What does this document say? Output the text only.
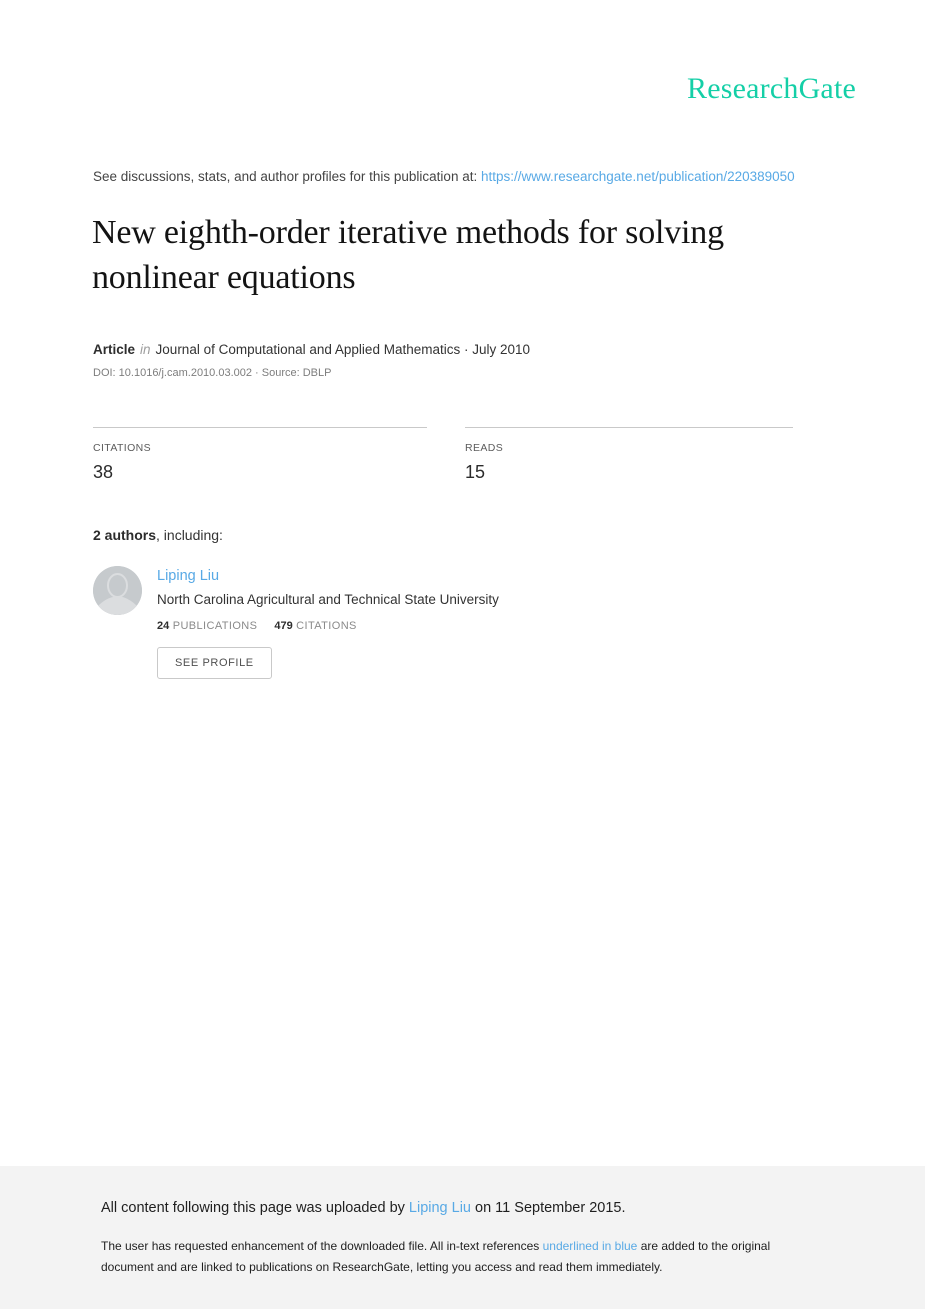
ResearchGate
See discussions, stats, and author profiles for this publication at: https://www.researchgate.net/publication/220389050
New eighth-order iterative methods for solving nonlinear equations
Article in Journal of Computational and Applied Mathematics · July 2010
DOI: 10.1016/j.cam.2010.03.002 · Source: DBLP
CITATIONS
38
READS
15
2 authors, including:
Liping Liu
North Carolina Agricultural and Technical State University
24 PUBLICATIONS 479 CITATIONS
SEE PROFILE
All content following this page was uploaded by Liping Liu on 11 September 2015.
The user has requested enhancement of the downloaded file. All in-text references underlined in blue are added to the original document and are linked to publications on ResearchGate, letting you access and read them immediately.
